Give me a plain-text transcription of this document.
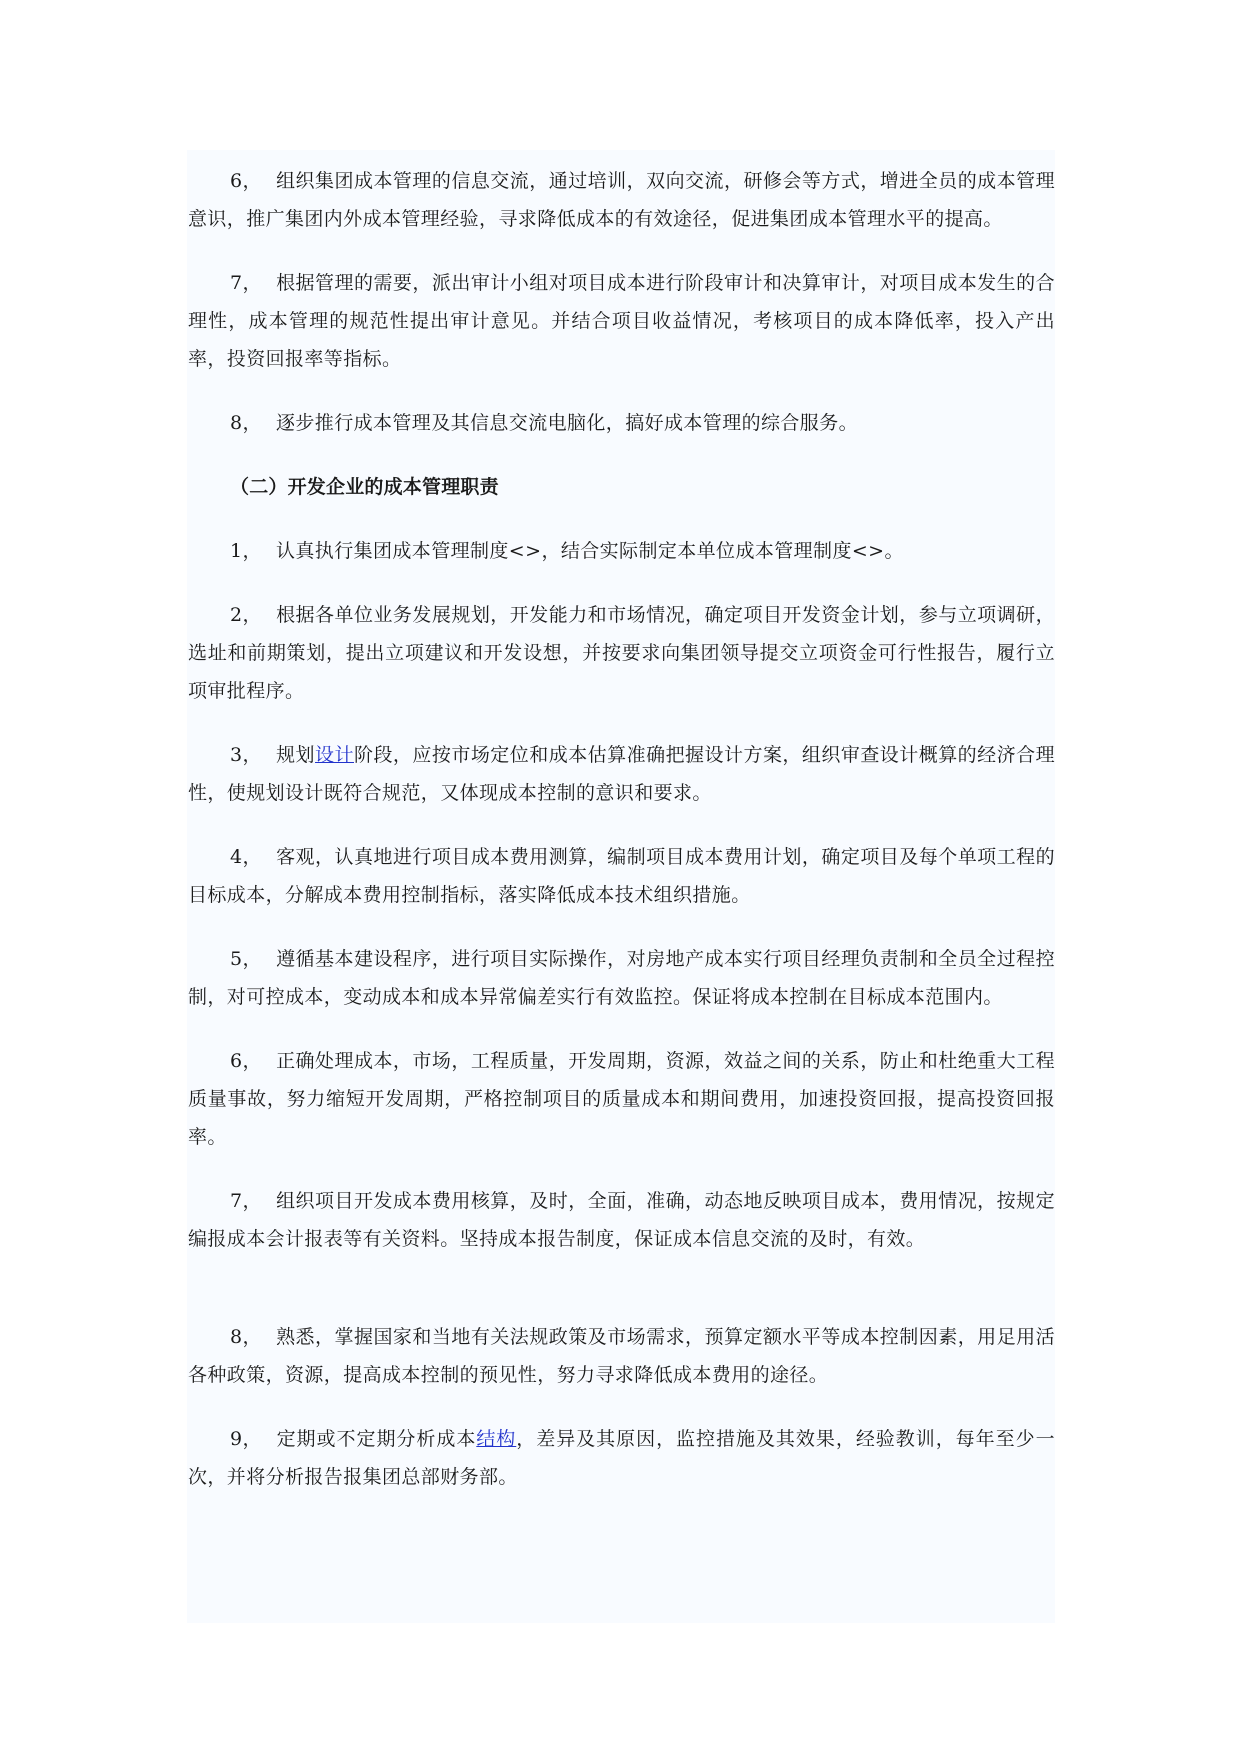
6， 组织集团成本管理的信息交流，通过培训，双向交流，研修会等方式，增进全员的成本管理意识，推广集团内外成本管理经验，寻求降低成本的有效途径，促进集团成本管理水平的提高。

7， 根据管理的需要，派出审计小组对项目成本进行阶段审计和决算审计，对项目成本发生的合理性，成本管理的规范性提出审计意见。并结合项目收益情况，考核项目的成本降低率，投入产出率，投资回报率等指标。

8， 逐步推行成本管理及其信息交流电脑化，搞好成本管理的综合服务。

（二）开发企业的成本管理职责

1， 认真执行集团成本管理制度<>，结合实际制定本单位成本管理制度<>。

2， 根据各单位业务发展规划，开发能力和市场情况，确定项目开发资金计划，参与立项调研，选址和前期策划，提出立项建议和开发设想，并按要求向集团领导提交立项资金可行性报告，履行立项审批程序。

3， 规划设计阶段，应按市场定位和成本估算准确把握设计方案，组织审查设计概算的经济合理性，使规划设计既符合规范，又体现成本控制的意识和要求。

4， 客观，认真地进行项目成本费用测算，编制项目成本费用计划，确定项目及每个单项工程的目标成本，分解成本费用控制指标，落实降低成本技术组织措施。

5， 遵循基本建设程序，进行项目实际操作，对房地产成本实行项目经理负责制和全员全过程控制，对可控成本，变动成本和成本异常偏差实行有效监控。保证将成本控制在目标成本范围内。

6， 正确处理成本，市场，工程质量，开发周期，资源，效益之间的关系，防止和杜绝重大工程质量事故，努力缩短开发周期，严格控制项目的质量成本和期间费用，加速投资回报，提高投资回报率。

7， 组织项目开发成本费用核算，及时，全面，准确，动态地反映项目成本，费用情况，按规定编报成本会计报表等有关资料。坚持成本报告制度，保证成本信息交流的及时，有效。

8， 熟悉，掌握国家和当地有关法规政策及市场需求，预算定额水平等成本控制因素，用足用活各种政策，资源，提高成本控制的预见性，努力寻求降低成本费用的途径。

9， 定期或不定期分析成本结构，差异及其原因，监控措施及其效果，经验教训，每年至少一次，并将分析报告报集团总部财务部。
